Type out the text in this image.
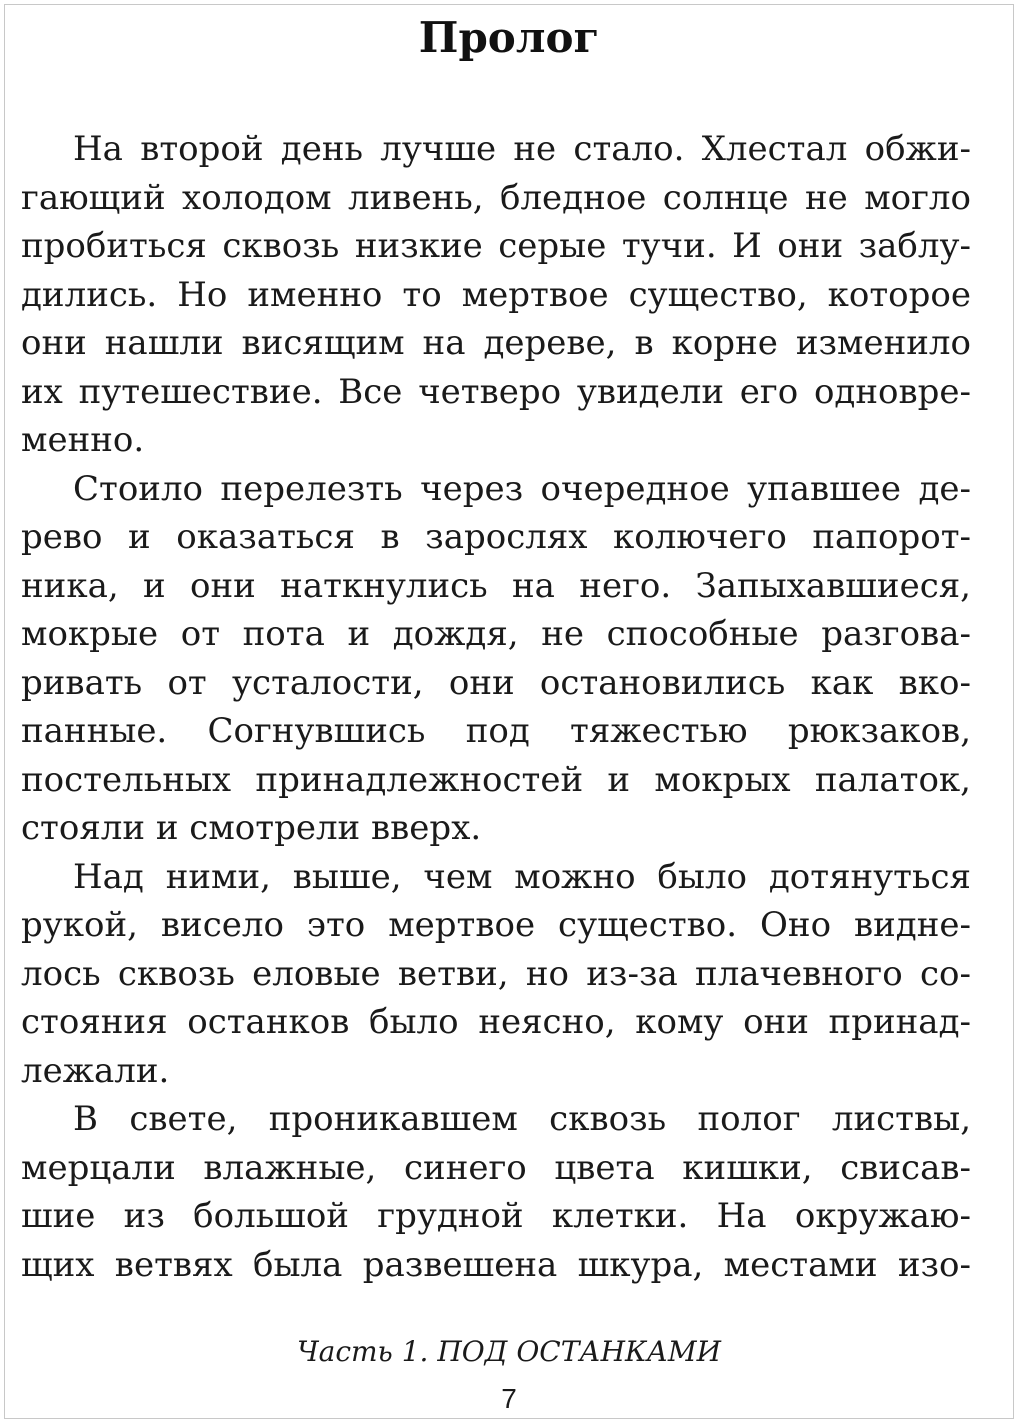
Пролог
На второй день лучше не стало. Хлестал обжи-
гающий холодом ливень, бледное солнце не могло
пробиться сквозь низкие серые тучи. И они заблу-
дились. Но именно то мертвое существо, которое
они нашли висящим на дереве, в корне изменило
их путешествие. Все четверо увидели его одновре-
менно.
Стоило перелезть через очередное упавшее де-
рево и оказаться в зарослях колючего папорот-
ника, и они наткнулись на него. Запыхавшиеся,
мокрые от пота и дождя, не способные разгова-
ривать от усталости, они остановились как вко-
панные. Согнувшись под тяжестью рюкзаков,
постельных принадлежностей и мокрых палаток,
стояли и смотрели вверх.
Над ними, выше, чем можно было дотянуться
рукой, висело это мертвое существо. Оно видне-
лось сквозь еловые ветви, но из-за плачевного со-
стояния останков было неясно, кому они принад-
лежали.
В свете, проникавшем сквозь полог листвы,
мерцали влажные, синего цвета кишки, свисав-
шие из большой грудной клетки. На окружаю-
щих ветвях была развешена шкура, местами изо-
Часть 1. ПОД ОСТАНКАМИ
7
